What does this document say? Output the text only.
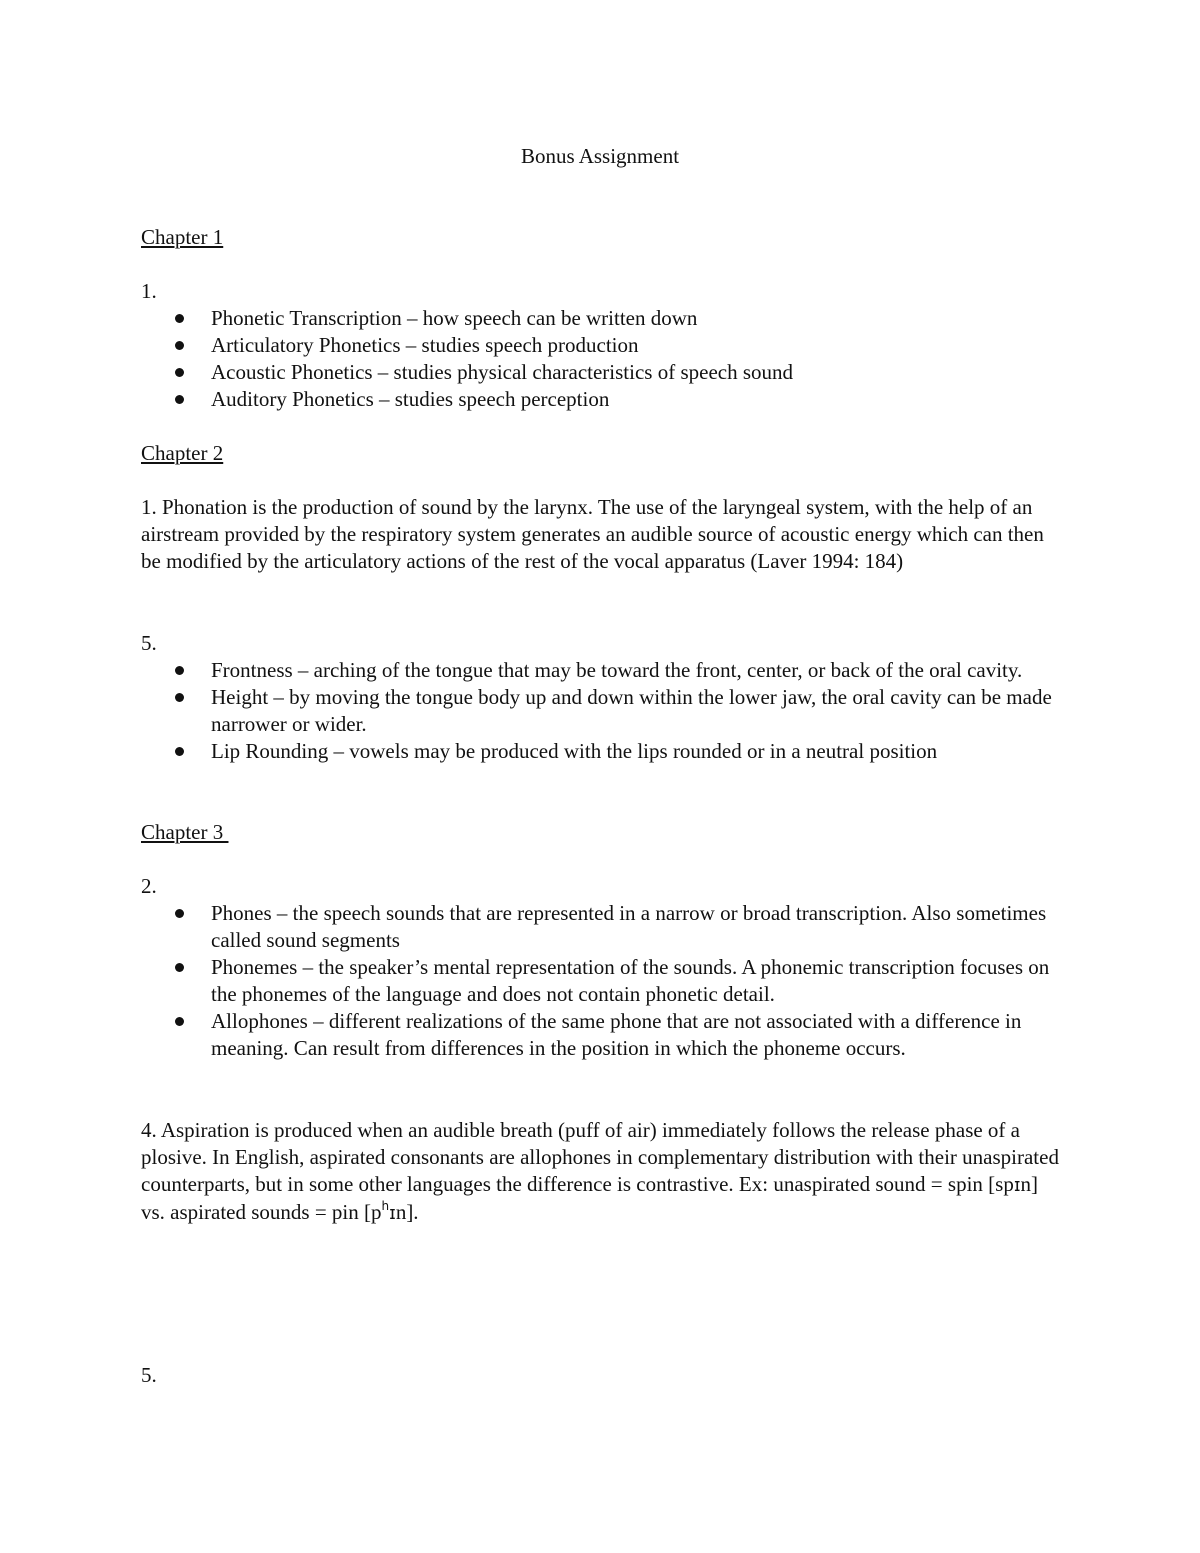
Bonus Assignment
Chapter 1
1.
Phonetic Transcription – how speech can be written down
Articulatory Phonetics – studies speech production
Acoustic Phonetics – studies physical characteristics of speech sound
Auditory Phonetics – studies speech perception
Chapter 2

1. Phonation is the production of sound by the larynx. The use of the laryngeal system, with the help of an airstream provided by the respiratory system generates an audible source of acoustic energy which can then be modified by the articulatory actions of the rest of the vocal apparatus (Laver 1994: 184)

5.
Frontness – arching of the tongue that may be toward the front, center, or back of the oral cavity.
Height – by moving the tongue body up and down within the lower jaw, the oral cavity can be made narrower or wider.
Lip Rounding – vowels may be produced with the lips rounded or in a neutral position
Chapter 3
2.
Phones – the speech sounds that are represented in a narrow or broad transcription. Also sometimes called sound segments
Phonemes – the speaker’s mental representation of the sounds. A phonemic transcription focuses on the phonemes of the language and does not contain phonetic detail.
Allophones – different realizations of the same phone that are not associated with a difference in meaning. Can result from differences in the position in which the phoneme occurs.

4. Aspiration is produced when an audible breath (puff of air) immediately follows the release phase of a plosive. In English, aspirated consonants are allophones in complementary distribution with their unaspirated counterparts, but in some other languages the difference is contrastive. Ex: unaspirated sound = spin [spɪn] vs. aspirated sounds = pin $[p^hɪn]$.

5.
